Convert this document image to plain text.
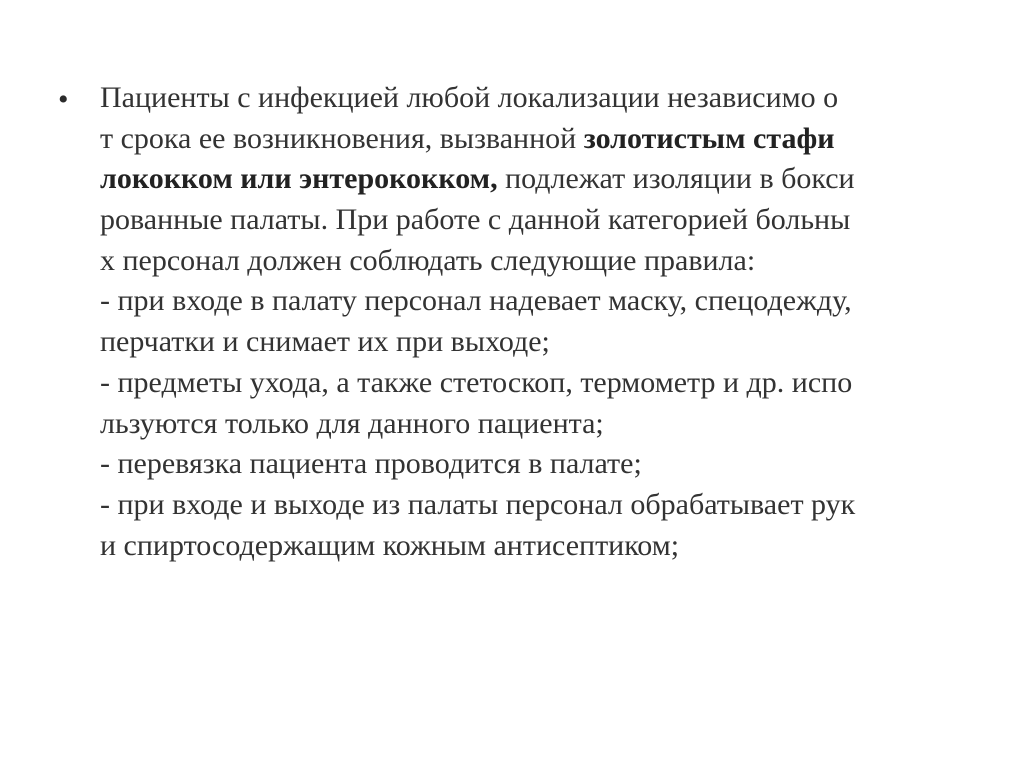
• Пациенты с инфекцией любой локализации независимо о
т срока ее возникновения, вызванной золотистым стафи
лококком или энтерококком, подлежат изоляции в бокси
рованные палаты. При работе с данной категорией больны
х персонал должен соблюдать следующие правила:
- при входе в палату персонал надевает маску, спецодежду,
перчатки и снимает их при выходе;
- предметы ухода, а также стетоскоп, термометр и др. испо
льзуются только для данного пациента;
- перевязка пациента проводится в палате;
- при входе и выходе из палаты персонал обрабатывает рук
и спиртосодержащим кожным антисептиком;
